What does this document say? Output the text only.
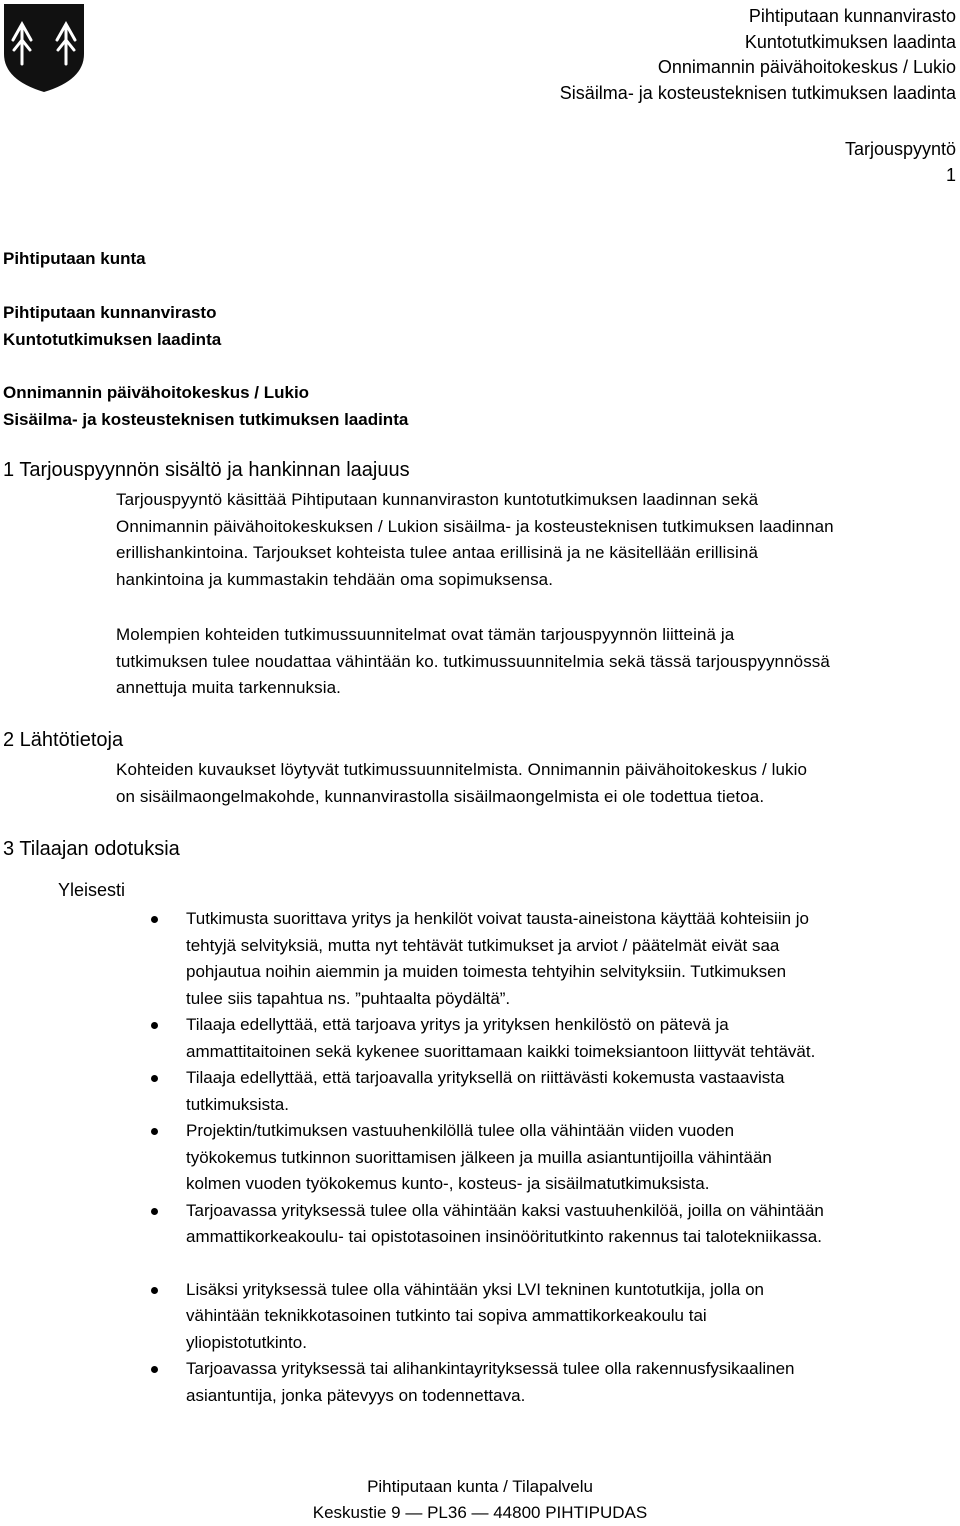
Pihtiputaan kunnanvirasto
Kuntotutkimuksen laadinta
Onnimannin päivähoitokeskus / Lukio
Sisäilma- ja kosteusteknisen tutkimuksen laadinta
Tarjouspyyntö
1
Pihtiputaan kunta
Pihtiputaan kunnanvirasto
Kuntotutkimuksen laadinta
Onnimannin päivähoitokeskus / Lukio
Sisäilma- ja kosteusteknisen tutkimuksen laadinta
1 Tarjouspyynnön sisältö ja hankinnan laajuus
Tarjouspyyntö käsittää Pihtiputaan kunnanviraston kuntotutkimuksen laadinnan sekä
Onnimannin päivähoitokeskuksen / Lukion sisäilma- ja kosteusteknisen tutkimuksen laadinnan
erillishankintoina. Tarjoukset kohteista tulee antaa erillisinä ja ne käsitellään erillisinä
hankintoina ja kummastakin tehdään oma sopimuksensa.
Molempien kohteiden tutkimussuunnitelmat ovat tämän tarjouspyynnön liitteinä ja
tutkimuksen tulee noudattaa vähintään ko. tutkimussuunnitelmia sekä tässä tarjouspyynnössä
annettuja muita tarkennuksia.
2 Lähtötietoja
Kohteiden kuvaukset löytyvät tutkimussuunnitelmista. Onnimannin päivähoitokeskus / lukio
on sisäilmaongelmakohde, kunnanvirastolla sisäilmaongelmista ei ole todettua tietoa.
3 Tilaajan odotuksia
Yleisesti
Tutkimusta suorittava yritys ja henkilöt voivat tausta-aineistona käyttää kohteisiin jo
tehtyjä selvityksiä, mutta nyt tehtävät tutkimukset ja arviot / päätelmät eivät saa
pohjautua noihin aiemmin ja muiden toimesta tehtyihin selvityksiin. Tutkimuksen
tulee siis tapahtua ns. ”puhtaalta pöydältä”.
Tilaaja edellyttää, että tarjoava yritys ja yrityksen henkilöstö on pätevä ja
ammattitaitoinen sekä kykenee suorittamaan kaikki toimeksiantoon liittyvät tehtävät.
Tilaaja edellyttää, että tarjoavalla yrityksellä on riittävästi kokemusta vastaavista
tutkimuksista.
Projektin/tutkimuksen vastuuhenkilöllä tulee olla vähintään viiden vuoden
työkokemus tutkinnon suorittamisen jälkeen ja muilla asiantuntijoilla vähintään
kolmen vuoden työkokemus kunto-, kosteus- ja sisäilmatutkimuksista.
Tarjoavassa yrityksessä tulee olla vähintään kaksi vastuuhenkilöä, joilla on vähintään
ammattikorkeakoulu- tai opistotasoinen insinööritutkinto rakennus tai talotekniikassa.
Lisäksi yrityksessä tulee olla vähintään yksi LVI tekninen kuntotutkija, jolla on
vähintään teknikkotasoinen tutkinto tai sopiva ammattikorkeakoulu tai
yliopistotutkinto.
Tarjoavassa yrityksessä tai alihankintayrityksessä tulee olla rakennusfysikaalinen
asiantuntija, jonka pätevyys on todennettava.
Pihtiputaan kunta / Tilapalvelu
Keskustie 9 — PL36 — 44800 PIHTIPUDAS
